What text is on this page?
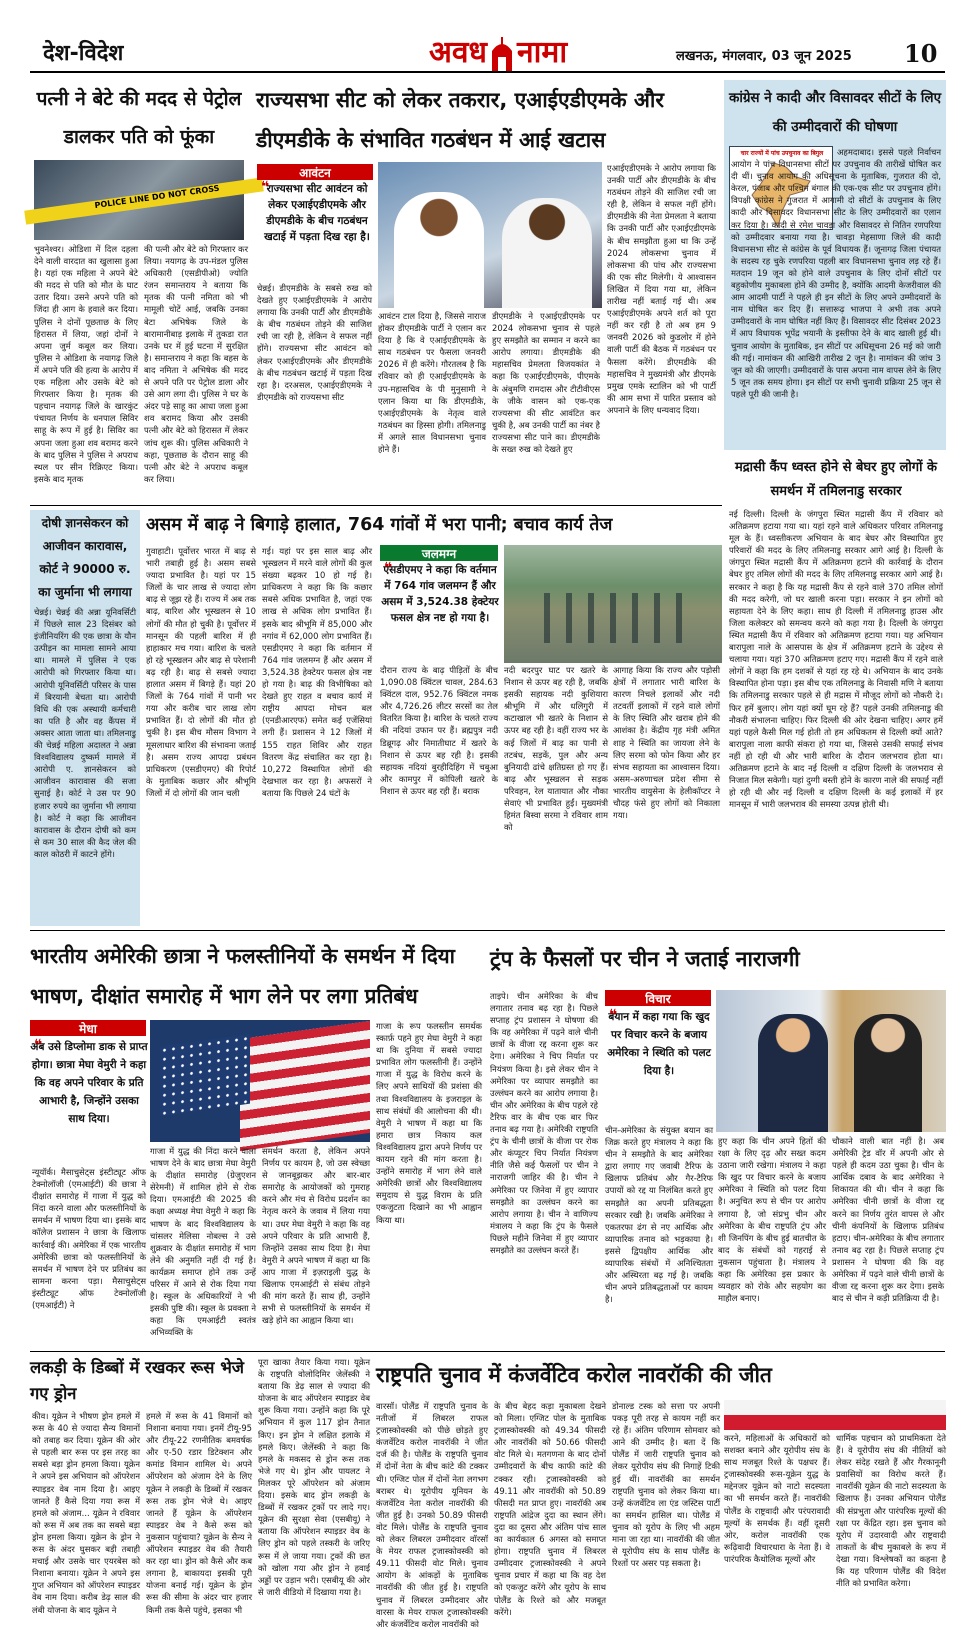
देश-विदेश	अवध नामा	लखनऊ, मंगलवार, 03 जून 2025	10
पत्नी ने बेटे की मदद से पेट्रोल डालकर पति को फूंका
POLICE LINE DO NOT CROSS
भुवनेश्वर। ओडिशा में दिल दहला देने वाली वारदात का खुलासा हुआ है। यहां एक महिला ने अपने बेटे की मदद से पति को मौत के घाट उतार दिया। उसने अपने पति को जिंदा ही आग के हवाले कर दिया। पुलिस ने दोनों पूछताछ के लिए हिरासत में लिया, जहां दोनों ने अपना जुर्म कबूल कर लिया। पुलिस ने ओडिशा के नयागढ़ जिले में अपने पति की हत्या के आरोप में एक महिला और उसके बेटे को गिरफ्तार किया है। मृतक की पहचान नयागढ़ जिले के खारकुंट पंचायत निर्णय के धनपाल सिविर साहू के रूप में हुई है। सिविर का अपना जला हुआ शव बरामद करने के बाद पुलिस ने पुलिस ने अपराध स्थल पर सीन रिक्रिएट किया। इसके बाद मृतक
की पत्नी और बेटे को गिरफ्तार कर लिया। नयागढ़ के उप-मंडल पुलिस अधिकारी (एसडीपीओ) ज्योति रंजन समान्तराय ने बताया कि मृतक की पत्नी नमिता को भी मामूली चोटें आई, जबकि उनका बेटा अभिषेक जिले के बारामानीबाड़ इलाके में तुकडा रात उनके घर में हुई घटना में सुरक्षित है। समान्तराय ने कहा कि बहस के बाद नमिता ने अभिषेक की मदद से अपने पति पर पेट्रोल डाला और उसे आग लगा दी। पुलिस ने घर के अंदर पड़े साहू का आधा जला हुआ शव बरामद किया और उसकी पत्नी और बेटे को हिरासत में लेकर जांच शुरू की। पुलिस अधिकारी ने कहा, पूछताछ के दौरान साहू की पत्नी और बेटे ने अपराध कबूल कर लिया।
राज्यसभा सीट को लेकर तकरार, एआईएडीएमके और डीएमडीके के संभावित गठबंधन में आई खटास
आवंटन
❝ राज्यसभा सीट आवंटन को लेकर एआईएडीएमके और डीएमडीके के बीच गठबंधन खटाई में पड़ता दिख रहा है।
चेन्नई। डीएमडीके के सबसे रुख को देखते हुए एआईएडीएमके ने आरोप लगाया कि उनकी पार्टी और डीएमडीके के बीच गठबंधन तोड़ने की साजिश रची जा रही है, लेकिन वे सफल नहीं होंगे। राज्यसभा सीट आवंटन को लेकर एआईएडीएमके और डीएमडीके के बीच गठबंधन खटाई में पड़ता दिख रहा है। दरअसल, एआईएडीएमके ने डीएमडीके को राज्यसभा सीट
आवंटन टाल दिया है, जिससे नाराज होकर डीएमडीके पार्टी ने एलान कर दिया है कि वे एआईएडीएमके के साथ गठबंधन पर फैसला जनवरी 2026 में ही करेंगे। गौरतलब है कि रविवार को ही एआईएडीएमके के उप-महासचिव के पी मुनुसामी ने एलान किया था कि डीएमडीके, एआईएडीएमके के नेतृत्व वाले गठबंधन का हिस्सा होगी। तमिलनाडु में अगले साल विधानसभा चुनाव होने हैं।
डीएमडीके ने एआईएडीएमके पर 2024 लोकसभा चुनाव से पहले हुए समझौते का सम्मान न करने का आरोप लगाया। डीएमडीके की महासचिव प्रेमलता विजयकांत ने कहा कि एआईएडीएमके, पीएमके के अंबुमणि रामदास और टीटीवीएस के जीके वासन को एक-एक राज्यसभा की सीट आवंटित कर चुकी है, अब उनकी पार्टी का नंबर है राज्यसभा सीट पाने का। डीएमडीके के सख्त रुख को देखते हुए
एआईएडीएमके ने आरोप लगाया कि उनकी पार्टी और डीएमडीके के बीच गठबंधन तोड़ने की साजिश रची जा रही है, लेकिन वे सफल नहीं होंगे। डीएमडीके की नेता प्रेमलता ने बताया कि उनकी पार्टी और एआईएडीएमके के बीच समझौता हुआ था कि उन्हें 2024 लोकसभा चुनाव में लोकसभा की पांच और राज्यसभा की एक सीट मिलेगी। ये आश्वासन लिखित में दिया गया था, लेकिन तारीख नहीं बताई गई थी। अब एआईएडीएमके अपने शर्त को पूरा नहीं कर रही है तो अब हम 9 जनवरी 2026 को कुडलोर में होने वाली पार्टी की बैठक में गठबंधन पर फैसला करेंगे। डीएमडीके की महासचिव ने मुख्यमंत्री और डीएमके प्रमुख एमके स्टालिन को भी पार्टी की आम सभा में पारित प्रस्ताव को अपनाने के लिए धन्यवाद दिया।
कांग्रेस ने कादी और विसावदर सीटों के लिए की उम्मीदवारों की घोषणा
चार राज्यों में पांच उपचुनाव का बिगुल	अहमदाबाद। इससे पहले निर्वाचन आयोग ने पांच विधानसभा सीटों पर उपचुनाव की तारीखें घोषित कर दी थीं। चुनाव आयोग की अधिसूचना के मुताबिक, गुजरात की दो, केरल, पंजाब और पश्चिम बंगाल की एक-एक सीट पर उपचुनाव होंगे। विपक्षी कांग्रेस ने गुजरात में आगामी दो सीटों के उपचुनाव के लिए कादी और विसावदर विधानसभा सीट के लिए उम्मीदवारों का एलान कर दिया है। कादी से रमेश चावड़ा और विसावदर से नितिन रणपरिया को उम्मीदवार बनाया गया है। चावड़ा मेहसाणा जिले की कादी विधानसभा सीट से कांग्रेस के पूर्व विधायक हैं। जूनागढ़ जिला पंचायत के सदस्य रह चुके रणपरिया पहली बार विधानसभा चुनाव लड़ रहे हैं। मतदान 19 जून को होने वाले उपचुनाव के लिए दोनों सीटों पर बहुकोणीय मुकाबला होने की उम्मीद है, क्योंकि आदमी केजरीवाल की आम आदमी पार्टी ने पहले ही इन सीटों के लिए अपने उम्मीदवारों के नाम घोषित कर दिए हैं। सत्तारूढ़ भाजपा ने अभी तक अपने उम्मीदवारों के नाम घोषित नहीं किए हैं। विसावदर सीट दिसंबर 2023 में आप विधायक भूपेंद्र भयानी के इस्तीफा देने के बाद खाली हुई थी। चुनाव आयोग के मुताबिक, इन सीटों पर अधिसूचना 26 मई को जारी की गई। नामांकन की आखिरी तारीख 2 जून है। नामांकन की जांच 3 जून को की जाएगी। उम्मीदवारों के पास अपना नाम वापस लेने के लिए 5 जून तक समय होगा। इन सीटों पर सभी चुनावी प्रक्रिया 25 जून से पहले पूरी की जानी है।
दोषी ज्ञानसेकरन को आजीवन कारावास, कोर्ट ने 90000 रु. का जुर्माना भी लगाया
चेन्नई। चेन्नई की अन्ना यूनिवर्सिटी में पिछले साल 23 दिसंबर को इंजीनियरिंग की एक छात्रा के यौन उत्पीड़न का मामला सामने आया था। मामले में पुलिस ने एक आरोपी को गिरफ्तार किया था। आरोपी यूनिवर्सिटी परिसर के पास में बिरयानी बेचता था। आरोपी विधि की एक अस्थायी कर्मचारी का पति है और वह कैंपस में अक्सर आता जाता था। तमिलनाडु की चेन्नई महिला अदालत ने अन्ना विश्वविद्यालय दुष्कर्म मामले में आरोपी ए. ज्ञानसेकरन को आजीवन कारावास की सजा सुनाई है। कोर्ट ने उस पर 90 हजार रुपये का जुर्माना भी लगाया है। कोर्ट ने कहा कि आजीवन कारावास के दौरान दोषी को कम से कम 30 साल की कैद जेल की काल कोठरी में काटने होंगे।
असम में बाढ़ ने बिगाड़े हालात, 764 गांवों में भरा पानी; बचाव कार्य तेज
गुवाहाटी। पूर्वोत्तर भारत में बाढ़ से भारी तबाही हुई है। असम सबसे ज्यादा प्रभावित है। यहां पर 15 जिलों के चार लाख से ज्यादा लोग बाढ़ से जूझ रहे हैं। राज्य में अब तक बाढ़, बारिश और भूस्खलन से 10 लोगों की मौत हो चुकी है। पूर्वोत्तर में मानसून की पहली बारिश में ही हाहाकार मच गया। बारिश के चलते हो रहे भूस्खलन और बाढ़ से परेशानी बढ़ रही है। बाढ़ से सबसे ज्यादा हालात असम में बिगड़े हैं। यहां 20 जिलों के 764 गांवों में पानी भर गया और करीब चार लाख लोग प्रभावित हैं। दो लोगों की मौत हो चुकी है। इस बीच मौसम विभाग ने मूसलाधार बारिश की संभावना जताई है। असम राज्य आपदा प्रबंधन प्राधिकरण (एसडीएमए) की रिपोर्ट के मुताबिक कछार और श्रीभूमि जिलों में दो लोगों की जान चली
गई। यहां पर इस साल बाढ़ और भूस्खलन में मरने वाले लोगों की कुल संख्या बढ़कर 10 हो गई है। प्राधिकरण ने कहा कि कि कछार सबसे अधिक प्रभावित है, जहां एक लाख से अधिक लोग प्रभावित हैं। इसके बाद श्रीभूमि में 85,000 और नगांव में 62,000 लोग प्रभावित हैं। एसडीएमए ने कहा कि वर्तमान में 764 गांव जलमग्न हैं और असम में 3,524.38 हेक्टेयर फसल क्षेत्र नष्ट हो गया है। बाढ़ की विभीषिका को देखते हुए राहत व बचाव कार्य में राष्ट्रीय आपदा मोचन बल (एनडीआरएफ) समेत कई एजेंसियां लगी हैं। प्रशासन ने 12 जिलों में 155 राहत शिविर और राहत वितरण केंद्र संचालित कर रहा है। 10,272 विस्थापित लोगों की देखभाल कर रहा है। अफसरों ने बताया कि पिछले 24 घंटों के
जलमग्न
❝ एसडीएमए ने कहा कि वर्तमान में 764 गांव जलमग्न हैं और असम में 3,524.38 हेक्टेयर फसल क्षेत्र नष्ट हो गया है।
दौरान राज्य के बाढ़ पीड़ितों के बीच 1,090.08 क्विंटल चावल, 284.63 क्विंटल दाल, 952.76 क्विंटल नमक और 4,726.26 लीटर सरसों का तेल वितरित किया है। बारिश के चलते राज्य की नदियां उफान पर हैं। ब्रह्मपुत्र नदी डिब्रूगढ़ और निमातीघाट में खतरे के निशान से ऊपर बह रही है। इसकी सहायक नदियां बुरहीदिहिंग में चबुआ और कामपुर में कोपिली खतरे के निशान से ऊपर बह रही हैं। बराक
नदी बदरपुर घाट पर खतरे के निशान से ऊपर बह रही है, जबकि इसकी सहायक नदी कुशियारा श्रीभूमि में और धलिगुरी में कटाखाल भी खतरे के निशान से ऊपर बह रही है। वहीं राज्य भर के कई जिलों में बाढ़ का पानी से तटबंध, सड़कें, पुल और अन्य बुनियादी ढांचे क्षतिग्रस्त हो गए हैं। बाढ़ और भूस्खलन से सड़क परिवहन, रेल यातायात और नौका सेवाएं भी प्रभावित हुईं। मुख्यमंत्री हिमंत बिस्वा सरमा ने रविवार शाम को
आगाह किया कि राज्य और पड़ोसी क्षेत्रों में लगातार भारी बारिश के कारण निचले इलाकों और नदी तटवर्ती इलाकों में रहने वाले लोगों के लिए स्थिति और खराब होने की आशंका है। केंद्रीय गृह मंत्री अमित शाह ने स्थिति का जायजा लेने के लिए सरमा को फोन किया और हर संभव सहायता का आश्वासन दिया। असम-अरुणाचल प्रदेश सीमा से भारतीय वायुसेना के हेलीकॉप्टर ने चौदह फंसे हुए लोगों को निकाला गया।
मद्रासी कैंप ध्वस्त होने से बेघर हुए लोगों के समर्थन में तमिलनाडु सरकार
नई दिल्ली। दिल्ली के जंगपुरा स्थित मद्रासी कैंप में रविवार को अतिक्रमण हटाया गया था। यहां रहने वाले अधिकतर परिवार तमिलनाडु मूल के हैं। ध्वस्तीकरण अभियान के बाद बेघर और विस्थापित हुए परिवारों की मदद के लिए तमिलनाडु सरकार आगे आई है। दिल्ली के जंगपुरा स्थित मद्रासी कैंप में अतिक्रमण हटाने की कार्रवाई के दौरान बेघर हुए तमिल लोगों की मदद के लिए तमिलनाडु सरकार आगे आई है। सरकार ने कहा है कि यह मद्रासी कैंप से रहने वाले 370 तमिल लोगों की मदद करेगी, जो घर खाली करना पड़ा। सरकार ने इन लोगों को सहायता देने के लिए कहा। साथ ही दिल्ली में तमिलनाडु हाउस और जिला कलेक्टर को समन्वय करने को कहा गया है। दिल्ली के जंगपुरा स्थित मद्रासी कैंप में रविवार को अतिक्रमण हटाया गया। यह अभियान बारापुला नाले के आसपास के क्षेत्र में अतिक्रमण हटाने के उद्देश्य से चलाया गया। यहां 370 अतिक्रमण हटाए गए। मद्रासी कैंप में रहने वाले लोगों ने कहा कि हम दशकों से यहां रह रहे थे। अभियान के बाद उनके विस्थापित होना पड़ा। इस बीच एक तमिलनाडु के निवासी मणि ने बताया कि तमिलनाडु सरकार पहले से ही मद्रास में मौजूद लोगों को नौकरी दे। फिर हमें बुलाए। लोग यहां क्यों घूम रहे हैं? पहले उनकी तमिलनाडु की नौकरी संभालना चाहिए। फिर दिल्ली की ओर देखना चाहिए। अगर हमें यहां पहले कैसी मिल गई होती तो हम अधिकतम से दिल्ली क्यों आते? बारापुला नाला काफी संकरा हो गया था, जिससे उसकी सफाई संभव नहीं हो रही थी और भारी बारिश के दौरान जलभराव होता था। अतिक्रमण हटाने के बाद नई दिल्ली व दक्षिण दिल्ली के जलभराव से निजात मिल सकेगी। यहां दुग्गी बस्ती होने के कारण नाले की सफाई नहीं हो रही थी और नई दिल्ली व दक्षिण दिल्ली के कई इलाकों में हर मानसून में भारी जलभराव की समस्या उत्पन्न होती थी।
भारतीय अमेरिकी छात्रा ने फलस्तीनियों के समर्थन में दिया भाषण, दीक्षांत समारोह में भाग लेने पर लगा प्रतिबंध
मेधा
❝ अब उसे डिप्लोमा डाक से प्राप्त होगा। छात्रा मेघा वेमुरी ने कहा कि वह अपने परिवार के प्रति आभारी है, जिन्होंने उसका साथ दिया।
न्यूयॉर्क। मैसाचुसेट्स इंस्टीट्यूट ऑफ टेक्नोलॉजी (एमआईटी) की छात्रा ने दीक्षांत समारोह में गाजा में युद्ध को निंदा करने वाला और फलस्तीनियों के समर्थन में भाषण दिया था। इसके बाद कॉलेज प्रशासन ने छात्रा के खिलाफ कार्रवाई की। अमेरिका में एक भारतीय अमेरिकी छात्रा को फलस्तीनियों के समर्थन में भाषण देने पर प्रतिबंध का सामना करना पड़ा। मैसाचुसेट्स इंस्टीट्यूट ऑफ टेक्नोलॉजी (एमआईटी) ने
गाजा में युद्ध की निंदा करने वाला भाषण देने के बाद छात्रा मेघा वेमुरी के दीक्षांत समारोह (ग्रेजुएशन सेरेमनी) में शामिल होने से रोक दिया। एमआईटी की 2025 की कक्षा अध्यक्ष मेघा वेमुरी ने कहा कि भाषण के बाद विश्वविद्यालय के चांसलर मेलिसा नोबल्स ने उसे शुक्रवार के दीक्षांत समारोह में भाग लेने की अनुमति नहीं दी गई है। कार्यक्रम समाप्त होने तक उन्हें परिसर में आने से रोक दिया गया है। स्कूल के अधिकारियों ने भी इसकी पुष्टि की। स्कूल के प्रवक्ता ने कहा कि एमआईटी स्वतंत्र अभिव्यक्ति के
समर्थन करता है, लेकिन अपने निर्णय पर कायम है, जो उस स्वेच्छा से जानबूझकर और बार-बार समारोह के आयोजकों को गुमराह करने और मंच से विरोध प्रदर्शन का नेतृत्व करने के जवाब में लिया गया था। उधर मेघा वेमुरी ने कहा कि वह अपने परिवार के प्रति आभारी हैं, जिन्होंने उसका साथ दिया है। मेघा वेमुरी ने अपने भाषण में कहा था कि आप गाजा में इज़राइली युद्ध के खिलाफ एमआईटी से संबंध तोड़ने की मांग करते हैं। साथ ही, उन्होंने सभी से फलस्तीनियों के समर्थन में खड़े होने का आह्वान किया था।
गाजा के रूप फलस्तीन समर्थक स्कार्फ़ पहने हुए मेघा वेमुरी ने कहा था कि दुनिया में सबसे ज्यादा प्रभावित लोग फलस्तीनी हैं। उन्होंने गाजा में युद्ध के विरोध करने के लिए अपने साथियों की प्रशंसा की तथा विश्वविद्यालय के इजराइल के साथ संबंधों की आलोचना की थी। वेमुरी ने भाषण में कहा था कि हमारा छात्र निकाय कल विश्वविद्यालय द्वारा अपने निर्णय पर कायम रहने की मांग करता है। उन्होंने समारोह में भाग लेने वाले अमेरिकी छात्रों और विश्वविद्यालय समुदाय से युद्ध विराम के प्रति एकजुटता दिखाने का भी आह्वान किया था।
ट्रंप के फैसलों पर चीन ने जताई नाराजगी
ताइपे। चीन अमेरिका के बीच लगातार तनाव बढ़ रहा है। पिछले सप्ताह ट्रंप प्रशासन ने घोषणा की कि वह अमेरिका में पढ़ने वाले चीनी छात्रों के वीजा रद्द करना शुरू कर देगा। अमेरिका ने चिप निर्यात पर नियंत्रण किया है। इसे लेकर चीन ने अमेरिका पर व्यापार समझौते का उल्लंघन करने का आरोप लगाया है। चीन और अमेरिका के बीच पहले रहे टैरिफ वार के बीच एक बार फिर तनाव बढ़ गया है। अमेरिकी राष्ट्रपति ट्रंप के चीनी छात्रों के वीजा पर रोक और कंप्यूटर चिप निर्यात नियंत्रण नीति जैसे कई फैसलों पर चीन ने नाराजगी जाहिर की है। चीन ने अमेरिका पर जिनेवा में हुए व्यापार समझौते का उल्लंघन करने का आरोप लगाया है। चीन ने वाणिज्य मंत्रालय ने कहा कि ट्रंप के फैसले पिछले महीने जिनेवा में हुए व्यापार समझौते का उल्लंघन करते हैं।
विचार
❝ बयान में कहा गया कि खुद पर विचार करने के बजाय अमेरिका ने स्थिति को पलट दिया है।
चीन-अमेरिका के संयुक्त बयान का जिक्र करते हुए मंत्रालय ने कहा कि चीन ने समझौते के बाद अमेरिका द्वारा लगाए गए जवाबी टैरिफ के खिलाफ प्रतिबंध और गैर-टैरिफ उपायों को रद्द या निलंबित करते हुए समझौते का अपनी प्रतिबद्धता सरकार रखी है। जबकि अमेरिका ने एकतरफा ढंग से नए आर्थिक और व्यापारिक तनाव को भड़काया है। इससे द्विपक्षीय आर्थिक और व्यापारिक संबंधों में अनिश्चितता और अस्थिरता बढ़ गई है। जबकि चीन अपने प्रतिबद्धताओं पर कायम है।
हुए कहा कि चीन अपने हितों की रक्षा के लिए दृढ़ और सख्त कदम उठाना जारी रखेगा। मंत्रालय ने कहा कि खुद पर विचार करने के बजाय अमेरिका ने स्थिति को पलट दिया है। अनुचित रूप से चीन पर आरोप लगाया है, जो संप्रभु चीन और अमेरिका के बीच राष्ट्रपति ट्रंप और शी जिनपिंग के बीच हुई बातचीत के बाद के संबंधों को गहराई से नुकसान पहुंचाता है। मंत्रालय ने कहा कि अमेरिका इस प्रकार के व्यवहार को रोके और सहयोग का माहौल बनाए।
चौकाने वाली बात नहीं है। अब अमेरिकी ट्रेड वॉर में अपनी ओर से पहले ही कदम उठा चुका है। चीन के आर्थिक दबाव के बाद अमेरिका ने शिकायत की थी। चीन ने कहा कि अमेरिका चीनी छात्रों के वीजा रद्द करने का निर्णय तुरंत वापस ले और चीनी कंपनियों के खिलाफ प्रतिबंध हटाए। चीन-अमेरिका के बीच लगातार तनाव बढ़ रहा है। पिछले सप्ताह ट्रंप प्रशासन ने घोषणा की कि वह अमेरिका में पढ़ने वाले चीनी छात्रों के वीजा रद्द करना शुरू कर देगा। इसके बाद से चीन ने कड़ी प्रतिक्रिया दी है।
लकड़ी के डिब्बों में रखकर रूस भेजे गए ड्रोन
कीव। यूक्रेन ने भीषण ड्रोन हमले में रूस के 40 से ज्यादा सैन्य विमानों को तबाह कर दिया। यूक्रेन की ओर से पहली बार रूस पर इस तरह का सबसे बड़ा ड्रोन हमला किया। यूक्रेन ने अपने इस अभियान को ऑपरेशन स्पाइडर वेब नाम दिया है। आइए जानते हैं कैसे दिया गया रूस में हमले को अंजाम... यूक्रेन ने रविवार को रूस में अब तक का सबसे बड़ा ड्रोन हमला किया। यूक्रेन के ड्रोन ने रूस के अंदर घुसकर बड़ी तबाही मचाई और उसके चार एयरबेस को निशाना बनाया। यूक्रेन ने अपने इस गुप्त अभियान को ऑपरेशन स्पाइडर वेब नाम दिया। करीब डेढ़ साल की लंबी योजना के बाद यूक्रेन ने
हमले में रूस के 41 विमानों को निशाना बनाया गया। इनमें टीयू-95 और टीयू-22 रणनीतिक बमवर्षक और ए-50 रडार डिटेक्शन और कमांड विमान शामिल थे। अपने ऑपरेशन को अंजाम देने के लिए यूक्रेन ने लकड़ी के डिब्बों में रखकर रूस तक ड्रोन भेजे थे। आइए जानते हैं यूक्रेन के ऑपरेशन स्पाइडर वेब ने कैसे रूस को नुकसान पहुंचाया? यूक्रेन के सैन्य ने ऑपरेशन स्पाइडर वेब की तैयारी कर रहा था। ड्रोन को कैसे और कब लगाना है, बाकायदा इसकी पूरी योजना बनाई गई। यूक्रेन के ड्रोन रूस की सीमा के अंदर चार हजार किमी तक कैसे पहुंचे, इसका भी
पूरा खाका तैयार किया गया। यूक्रेन के राष्ट्रपति वोलोदिमिर जेलेंस्की ने बताया कि डेढ़ साल से ज्यादा की योजना के बाद ऑपरेशन स्पाइडर वेब शुरू किया गया। उन्होंने कहा कि पूरे अभियान में कुल 117 ड्रोन तैनात किए। इन ड्रोन ने लक्षित इलाके में हमले किए। जेलेंस्की ने कहा कि हमले के मकसद से ड्रोन रूस तक भेजे गए थे। ड्रोन और पायलट ने मिलकर पूरे ऑपरेशन को अंजाम दिया। इसके बाद ड्रोन लकड़ी के डिब्बों में रखकर ट्रकों पर लादे गए। यूक्रेन की सुरक्षा सेवा (एसबीयू) ने बताया कि ऑपरेशन स्पाइडर वेब के लिए ड्रोन को पहले तस्करी के जरिए रूस में ले जाया गया। ट्रकों की छत को खोला गया और ड्रोन ने हवाई अड्डों पर उड़ान भरी। एसबीयू की ओर से जारी वीडियो में दिखाया गया है।
राष्ट्रपति चुनाव में कंजर्वेटिव करोल नावरॉकी की जीत
वारसॉ। पोलैंड में राष्ट्रपति चुनाव के नतीजों में लिबरल राफल ट्रजास्कोवस्की को पीछे छोड़ते हुए कंजर्वेटिव करोल नावरॉकी ने जीत दर्ज की है। पोलैंड के राष्ट्रपति चुनाव में दोनों नेता के बीच कांटे की टक्कर थी। एग्जिट पोल में दोनों नेता लगभग बराबर थे। यूरोपीय यूनियन के कंजर्वेटिव नेता करोल नावरॉकी की जीत हुई है। उनको 50.89 फीसदी वोट मिले। पोलैंड के राष्ट्रपति चुनाव को लेकर लिबरल उम्मीदवार वॉरसॉ के मेयर राफल ट्रजास्कोवस्की को 49.11 फीसदी वोट मिले। चुनाव आयोग के आंकड़ों के मुताबिक नावरॉकी की जीत हुई है। राष्ट्रपति चुनाव में लिबरल उम्मीदवार और वारसा के मेयर राफल ट्रजास्कोवस्की और कंजर्वेटिव करोल नावरॉकी को
के बीच बेहद कड़ा मुकाबला देखने को मिला। एग्जिट पोल के मुताबिक ट्रजास्कोवस्की को 49.34 फीसदी और नावरॉकी को 50.66 फीसदी वोट मिले थे। मतगणना के बाद दोनों उम्मीदवारों के बीच काफी कांटे की टक्कर रही। ट्रजास्कोवस्की को 49.11 और नावरॉकी को 50.89 फीसदी मत प्राप्त हुए। नावरॉकी अब राष्ट्रपति आंद्रेज दुदा का स्थान लेंगे। दुदा का दूसरा और अंतिम पांच साल का कार्यकाल 6 अगस्त को समाप्त होगा। राष्ट्रपति चुनाव में लिबरल उम्मीदवार ट्रजास्कोवस्की ने अपने चुनाव प्रचार में कहा था कि वह देश को एकजुट करेंगे और यूरोप के साथ पोलैंड के रिश्ते को और मजबूत करेंगे।
डोनाल्ड टस्क को सत्ता पर अपनी पकड़ पूरी तरह से कायम नहीं कर रहे हैं। अंतिम परिणाम सोमवार को आने की उम्मीद है। बता दें कि पोलैंड में जारी राष्ट्रपति चुनाव को लेकर यूरोपीय संघ की निगाहें टिकी हुई थीं। नावरॉकी का समर्थन राष्ट्रपति चुनाव को लेकर किया था। उन्हें कंजर्वेटिव ला एंड जस्टिस पार्टी का समर्थन हासिल था। पोलैंड में चुनाव को यूरोप के लिए भी अहम माना जा रहा था। नावरॉकी की जीत से यूरोपीय संघ के साथ पोलैंड के रिश्तों पर असर पड़ सकता है।
करने, महिलाओं के अधिकारों को सशक्त बनाने और यूरोपीय संघ के साथ मजबूत रिश्ते के पक्षधर हैं। ट्रजास्कोवस्की रूस-यूक्रेन युद्ध के मद्देनजर यूक्रेन को नाटो सदस्यता का भी समर्थन करते हैं। नावरॉकी पोलैंड के राष्ट्रवादी और परंपरावादी मूल्यों के समर्थक हैं। वहीं दूसरी ओर, करोल नावरॉकी एक रूढ़िवादी विचारधारा के नेता हैं। वे पारंपरिक कैथोलिक मूल्यों और
धार्मिक पहचान को प्राथमिकता देते हैं। वे यूरोपीय संघ की नीतियों को लेकर संदेह रखते हैं और गैरकानूनी प्रवासियों का विरोध करते हैं। नावरॉकी यूक्रेन की नाटो सदस्यता के खिलाफ हैं। उनका अभियान पोलैंड की संप्रभुता और पारंपरिक मूल्यों की रक्षा पर केंद्रित रहा। इस चुनाव को यूरोप में उदारवादी और राष्ट्रवादी ताकतों के बीच मुकाबले के रूप में देखा गया। विश्लेषकों का कहना है कि यह परिणाम पोलैंड की विदेश नीति को प्रभावित करेगा।
